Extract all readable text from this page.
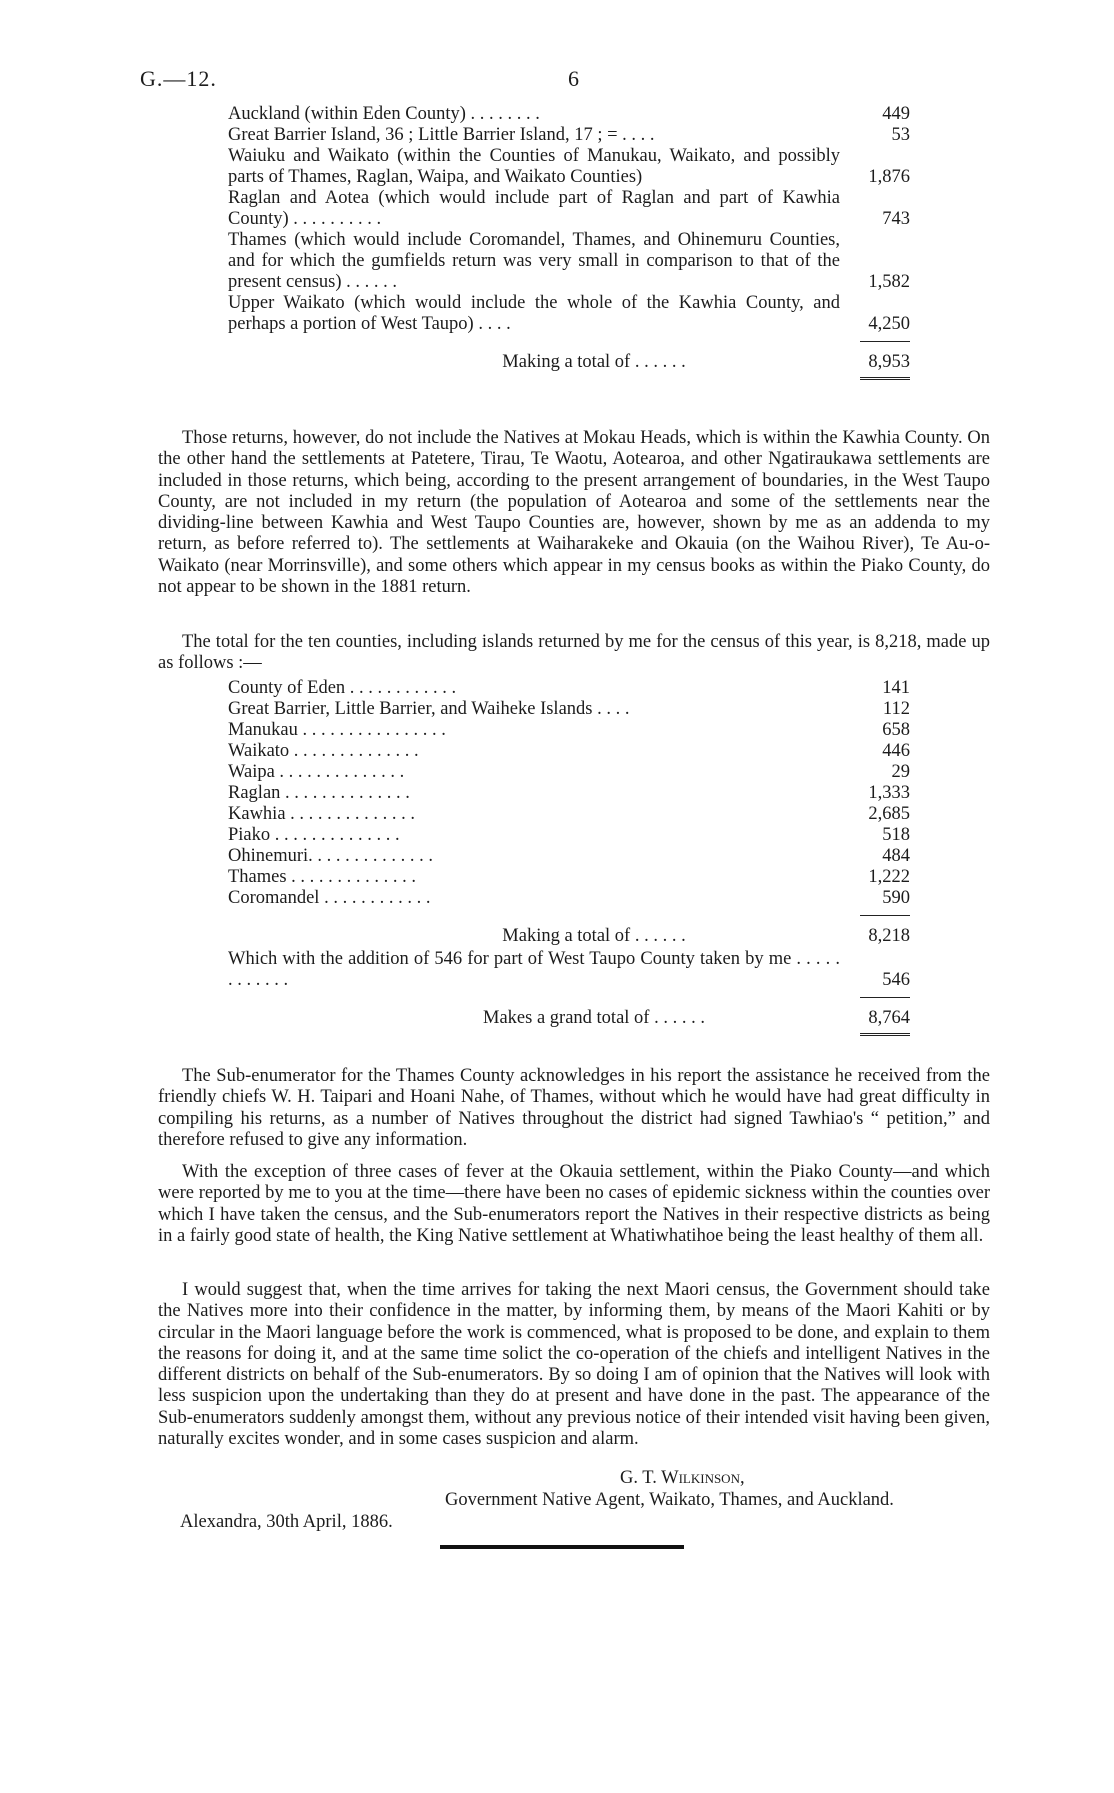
G.—12.	6
Auckland (within Eden County) . . . . . . . .	449
Great Barrier Island, 36 ; Little Barrier Island, 17 ; = . . . .	53
Waiuku and Waikato (within the Counties of Manukau, Waikato, and possibly parts of Thames, Raglan, Waipa, and Waikato Counties)	1,876
Raglan and Aotea (which would include part of Raglan and part of Kawhia County) . . . . . . . . . .	743
Thames (which would include Coromandel, Thames, and Ohinemuru Counties, and for which the gumfields return was very small in comparison to that of the present census) . . . . . .	1,582
Upper Waikato (which would include the whole of the Kawhia County, and perhaps a portion of West Taupo) . . . .	4,250
Making a total of . . . . . .	8,953
Those returns, however, do not include the Natives at Mokau Heads, which is within the Kawhia County. On the other hand the settlements at Patetere, Tirau, Te Waotu, Aotearoa, and other Ngatiraukawa settlements are included in those returns, which being, according to the present arrangement of boundaries, in the West Taupo County, are not included in my return (the population of Aotearoa and some of the settlements near the dividing-line between Kawhia and West Taupo Counties are, however, shown by me as an addenda to my return, as before referred to). The settlements at Waiharakeke and Okauia (on the Waihou River), Te Au-o-Waikato (near Morrinsville), and some others which appear in my census books as within the Piako County, do not appear to be shown in the 1881 return.
The total for the ten counties, including islands returned by me for the census of this year, is 8,218, made up as follows :—
County of Eden . . . . . . . . . . . .	141
Great Barrier, Little Barrier, and Waiheke Islands . . . .	112
Manukau . . . . . . . . . . . . . . . .	658
Waikato . . . . . . . . . . . . . .	446
Waipa . . . . . . . . . . . . . .	29
Raglan . . . . . . . . . . . . . .	1,333
Kawhia . . . . . . . . . . . . . .	2,685
Piako . . . . . . . . . . . . . .	518
Ohinemuri. . . . . . . . . . . . . .	484
Thames . . . . . . . . . . . . . .	1,222
Coromandel . . . . . . . . . . . .	590
Making a total of . . . . . .	8,218
Which with the addition of 546 for part of West Taupo County taken by me . . . . . . . . . . . .	546
Makes a grand total of . . . . . .	8,764
The Sub-enumerator for the Thames County acknowledges in his report the assistance he received from the friendly chiefs W. H. Taipari and Hoani Nahe, of Thames, without which he would have had great difficulty in compiling his returns, as a number of Natives throughout the district had signed Tawhiao's “ petition,” and therefore refused to give any information.
With the exception of three cases of fever at the Okauia settlement, within the Piako County—and which were reported by me to you at the time—there have been no cases of epidemic sickness within the counties over which I have taken the census, and the Sub-enumerators report the Natives in their respective districts as being in a fairly good state of health, the King Native settlement at Whatiwhatihoe being the least healthy of them all.
I would suggest that, when the time arrives for taking the next Maori census, the Government should take the Natives more into their confidence in the matter, by informing them, by means of the Maori Kahiti or by circular in the Maori language before the work is commenced, what is proposed to be done, and explain to them the reasons for doing it, and at the same time solict the co-operation of the chiefs and intelligent Natives in the different districts on behalf of the Sub-enumerators. By so doing I am of opinion that the Natives will look with less suspicion upon the undertaking than they do at present and have done in the past. The appearance of the Sub-enumerators suddenly amongst them, without any previous notice of their intended visit having been given, naturally excites wonder, and in some cases suspicion and alarm.
G. T. Wilkinson,
Government Native Agent, Waikato, Thames, and Auckland.
Alexandra, 30th April, 1886.
